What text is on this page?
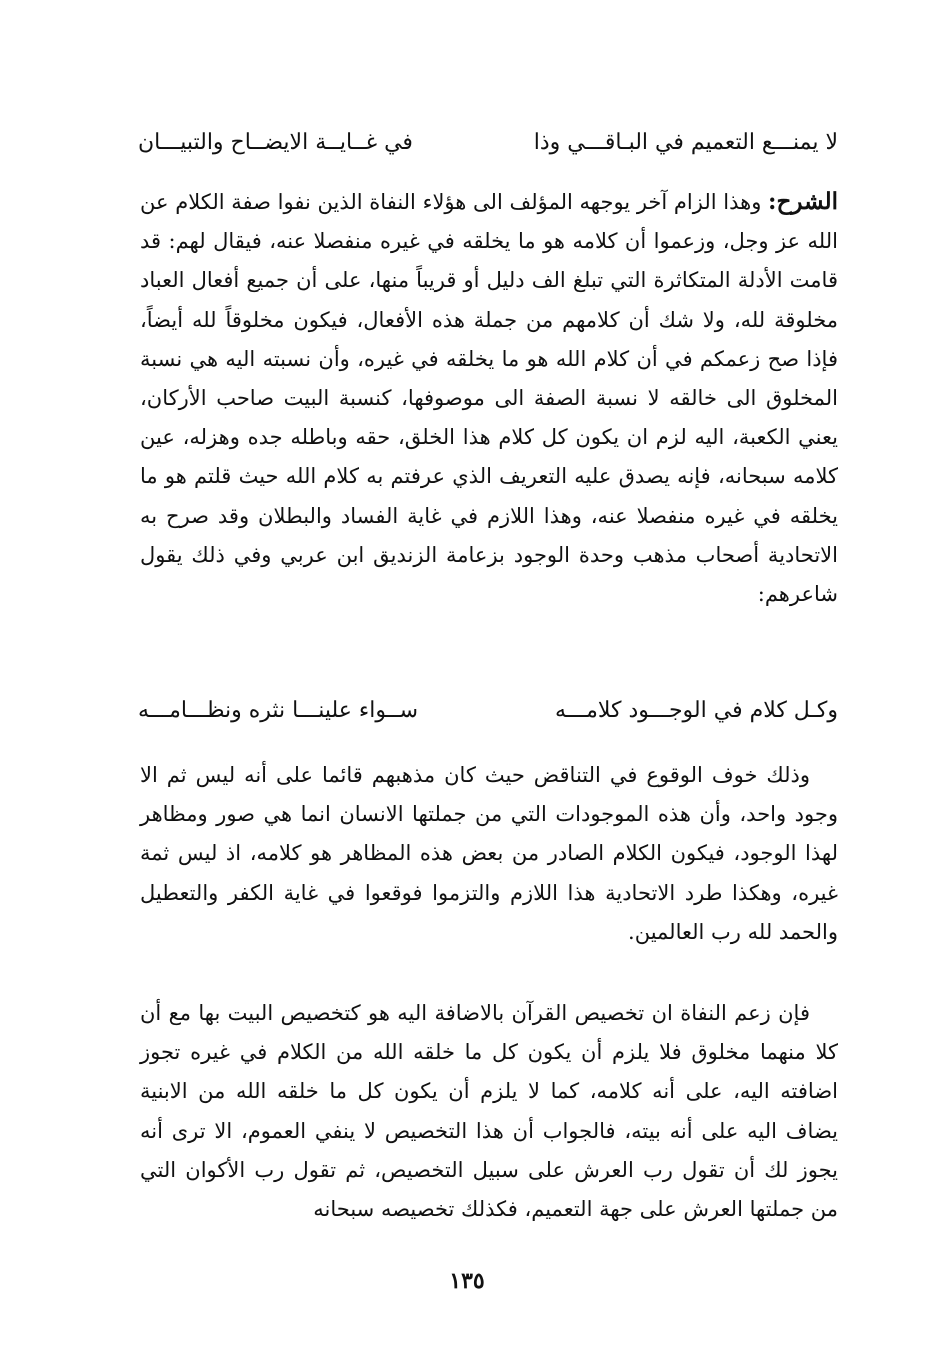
لا يمنـــع التعميم في البـاقـــي وذا
في غــايــة الايضــاح والتبيـــان

الشرح: وهذا الزام آخر يوجهه المؤلف الى هؤلاء النفاة الذين نفوا صفة الكلام عن الله عز وجل، وزعموا أن كلامه هو ما يخلقه في غيره منفصلا عنه، فيقال لهم: قد قامت الأدلة المتكاثرة التي تبلغ الف دليل أو قريباً منها، على أن جميع أفعال العباد مخلوقة لله، ولا شك أن كلامهم من جملة هذه الأفعال، فيكون مخلوقاً لله أيضاً، فإذا صح زعمكم في أن كلام الله هو ما يخلقه في غيره، وأن نسبته اليه هي نسبة المخلوق الى خالقه لا نسبة الصفة الى موصوفها، كنسبة البيت صاحب الأركان، يعني الكعبة، اليه لزم ان يكون كل كلام هذا الخلق، حقه وباطله جده وهزله، عين كلامه سبحانه، فإنه يصدق عليه التعريف الذي عرفتم به كلام الله حيث قلتم هو ما يخلقه في غيره منفصلا عنه، وهذا اللازم في غاية الفساد والبطلان وقد صرح به الاتحادية أصحاب مذهب وحدة الوجود بزعامة الزنديق ابن عربي وفي ذلك يقول شاعرهم:

وكـل كلام في الوجـــود كلامـــه
ســواء علينـــا نثره ونظـــامـــه

وذلك خوف الوقوع في التناقض حيث كان مذهبهم قائما على أنه ليس ثم الا وجود واحد، وأن هذه الموجودات التي من جملتها الانسان انما هي صور ومظاهر لهذا الوجود، فيكون الكلام الصادر من بعض هذه المظاهر هو كلامه، اذ ليس ثمة غيره، وهكذا طرد الاتحادية هذا اللازم والتزموا فوقعوا في غاية الكفر والتعطيل والحمد لله رب العالمين.

فإن زعم النفاة ان تخصيص القرآن بالاضافة اليه هو كتخصيص البيت بها مع أن كلا منهما مخلوق فلا يلزم أن يكون كل ما خلقه الله من الكلام في غيره تجوز اضافته اليه، على أنه كلامه، كما لا يلزم أن يكون كل ما خلقه الله من الابنية يضاف اليه على أنه بيته، فالجواب أن هذا التخصيص لا ينفي العموم، الا ترى أنه يجوز لك أن تقول رب العرش على سبيل التخصيص، ثم تقول رب الأكوان التي من جملتها العرش على جهة التعميم، فكذلك تخصيصه سبحانه

١٣٥
